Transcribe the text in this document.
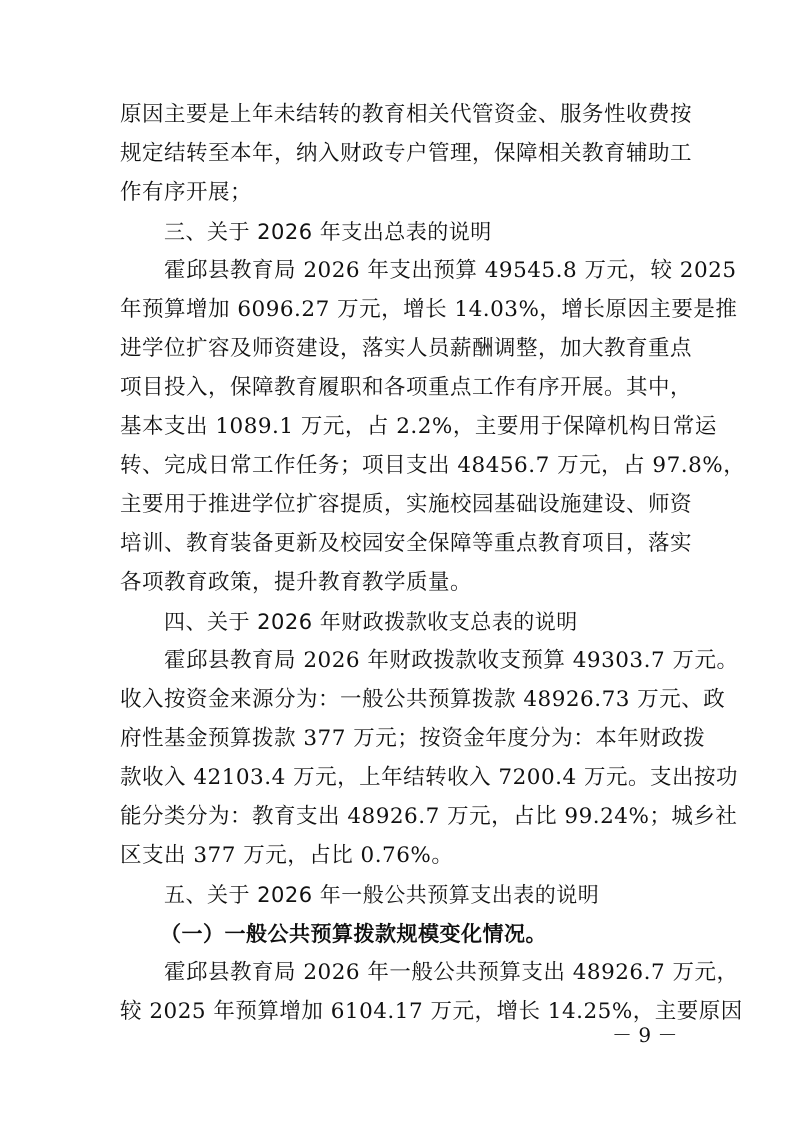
原因主要是上年未结转的教育相关代管资金、服务性收费按
规定结转至本年，纳入财政专户管理，保障相关教育辅助工
作有序开展；
三、关于 2026 年支出总表的说明
霍邱县教育局 2026 年支出预算 49545.8 万元，较 2025
年预算增加 6096.27 万元，增长 14.03%，增长原因主要是推
进学位扩容及师资建设，落实人员薪酬调整，加大教育重点
项目投入，保障教育履职和各项重点工作有序开展。其中，
基本支出 1089.1 万元，占 2.2%，主要用于保障机构日常运
转、完成日常工作任务；项目支出 48456.7 万元，占 97.8%，
主要用于推进学位扩容提质，实施校园基础设施建设、师资
培训、教育装备更新及校园安全保障等重点教育项目，落实
各项教育政策，提升教育教学质量。
四、关于 2026 年财政拨款收支总表的说明
霍邱县教育局 2026 年财政拨款收支预算 49303.7 万元。
收入按资金来源分为：一般公共预算拨款 48926.73 万元、政
府性基金预算拨款 377 万元；按资金年度分为：本年财政拨
款收入 42103.4 万元，上年结转收入 7200.4 万元。支出按功
能分类分为：教育支出 48926.7 万元，占比 99.24%；城乡社
区支出 377 万元，占比 0.76%。
五、关于 2026 年一般公共预算支出表的说明
（一）一般公共预算拨款规模变化情况。
霍邱县教育局 2026 年一般公共预算支出 48926.7 万元，
较 2025 年预算增加 6104.17 万元，增长 14.25%，主要原因
－ 9 －
